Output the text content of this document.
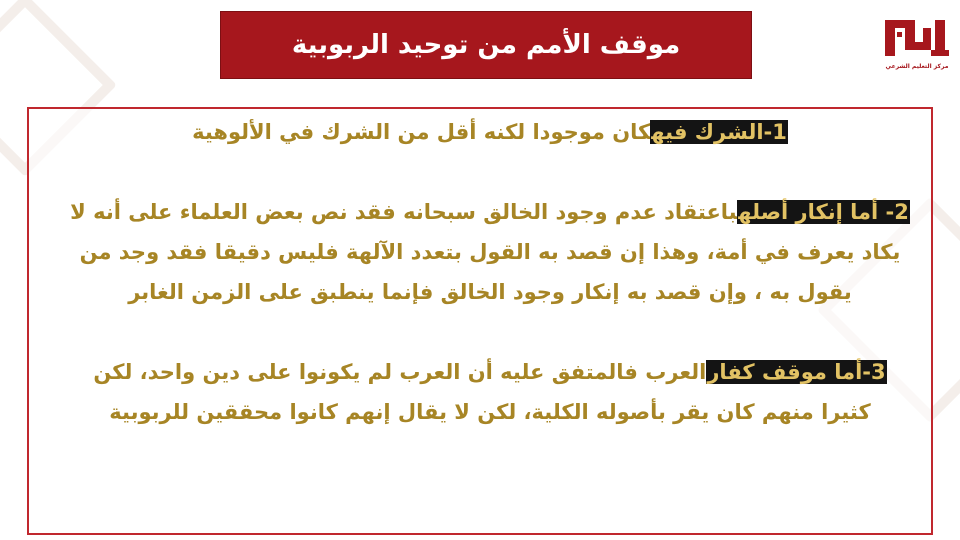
موقف الأمم من توحيد الربوبية
مركز التعليم الشرعي

1-الشرك فيهكان موجودا لكنه أقل من الشرك في الألوهية

2- أما إنكار أصلهباعتقاد عدم وجود الخالق سبحانه فقد نص بعض العلماء على أنه لا يكاد يعرف في أمة، وهذا إن قصد به القول بتعدد الآلهة فليس دقيقا فقد وجد من يقول به ، وإن قصد به إنكار وجود الخالق فإنما ينطبق على الزمن الغابر

3-أما موقف كفارالعرب فالمتفق عليه أن العرب لم يكونوا على دين واحد، لكن كثيرا منهم كان يقر بأصوله الكلية، لكن لا يقال إنهم كانوا محققين للربوبية
